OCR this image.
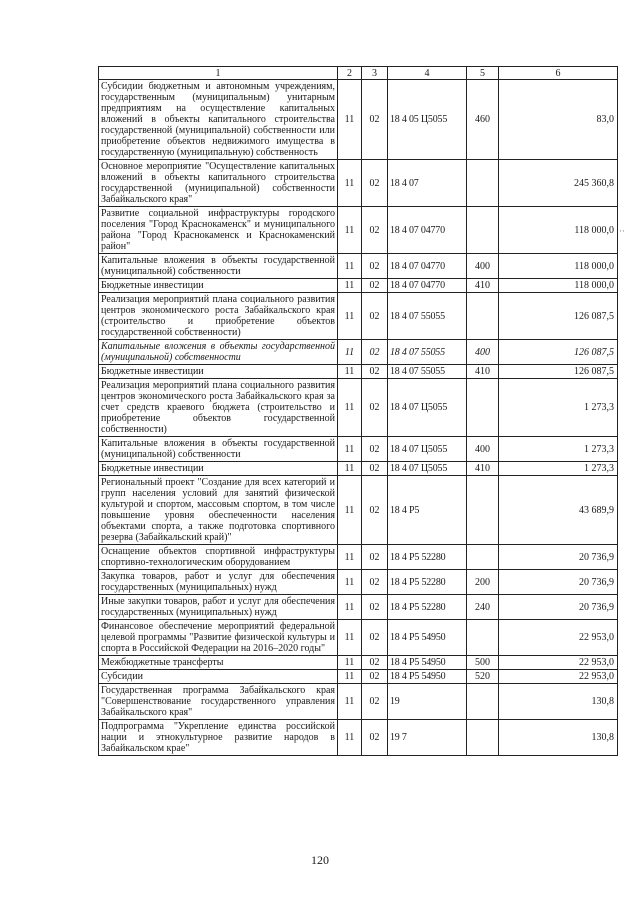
1	2	3	4	5	6
Субсидии бюджетным и автономным учреждениям, государственным (муниципальным) унитарным предприятиям на осуществление капитальных вложений в объекты капитального строительства государственной (муниципальной) собственности или приобретение объектов недвижимого имущества в государственную (муниципальную) собственность	11	02	18 4 05 Ц5055	460	83,0
Основное мероприятие "Осуществление капитальных вложений в объекты капитального строительства государственной (муниципальной) собственности Забайкальского края"	11	02	18 4 07		245 360,8
Развитие социальной инфраструктуры городского поселения "Город Краснокаменск" и муниципального района "Город Краснокаменск и Краснокаменский район"	11	02	18 4 07 04770		118 000,0
Капитальные вложения в объекты государственной (муниципальной) собственности	11	02	18 4 07 04770	400	118 000,0
Бюджетные инвестиции	11	02	18 4 07 04770	410	118 000,0
Реализация мероприятий плана социального развития центров экономического роста Забайкальского края (строительство и приобретение объектов государственной собственности)	11	02	18 4 07 55055		126 087,5
Капитальные вложения в объекты государственной (муниципальной) собственности	11	02	18 4 07 55055	400	126 087,5
Бюджетные инвестиции	11	02	18 4 07 55055	410	126 087,5
Реализация мероприятий плана социального развития центров экономического роста Забайкальского края за счет средств краевого бюджета (строительство и приобретение объектов государственной собственности)	11	02	18 4 07 Ц5055		1 273,3
Капитальные вложения в объекты государственной (муниципальной) собственности	11	02	18 4 07 Ц5055	400	1 273,3
Бюджетные инвестиции	11	02	18 4 07 Ц5055	410	1 273,3
Региональный проект "Создание для всех категорий и групп населения условий для занятий физической культурой и спортом, массовым спортом, в том числе повышение уровня обеспеченности населения объектами спорта, а также подготовка спортивного резерва (Забайкальский край)"	11	02	18 4 P5		43 689,9
Оснащение объектов спортивной инфраструктуры спортивно-технологическим оборудованием	11	02	18 4 P5 52280		20 736,9
Закупка товаров, работ и услуг для обеспечения государственных (муниципальных) нужд	11	02	18 4 P5 52280	200	20 736,9
Иные закупки товаров, работ и услуг для обеспечения государственных (муниципальных) нужд	11	02	18 4 P5 52280	240	20 736,9
Финансовое обеспечение мероприятий федеральной целевой программы "Развитие физической культуры и спорта в Российской Федерации на 2016–2020 годы"	11	02	18 4 P5 54950		22 953,0
Межбюджетные трансферты	11	02	18 4 P5 54950	500	22 953,0
Субсидии	11	02	18 4 P5 54950	520	22 953,0
Государственная программа Забайкальского края "Совершенствование государственного управления Забайкальского края"	11	02	19		130,8
Подпрограмма "Укрепление единства российской нации и этнокультурное развитие народов в Забайкальском крае"	11	02	19 7		130,8
120
··
